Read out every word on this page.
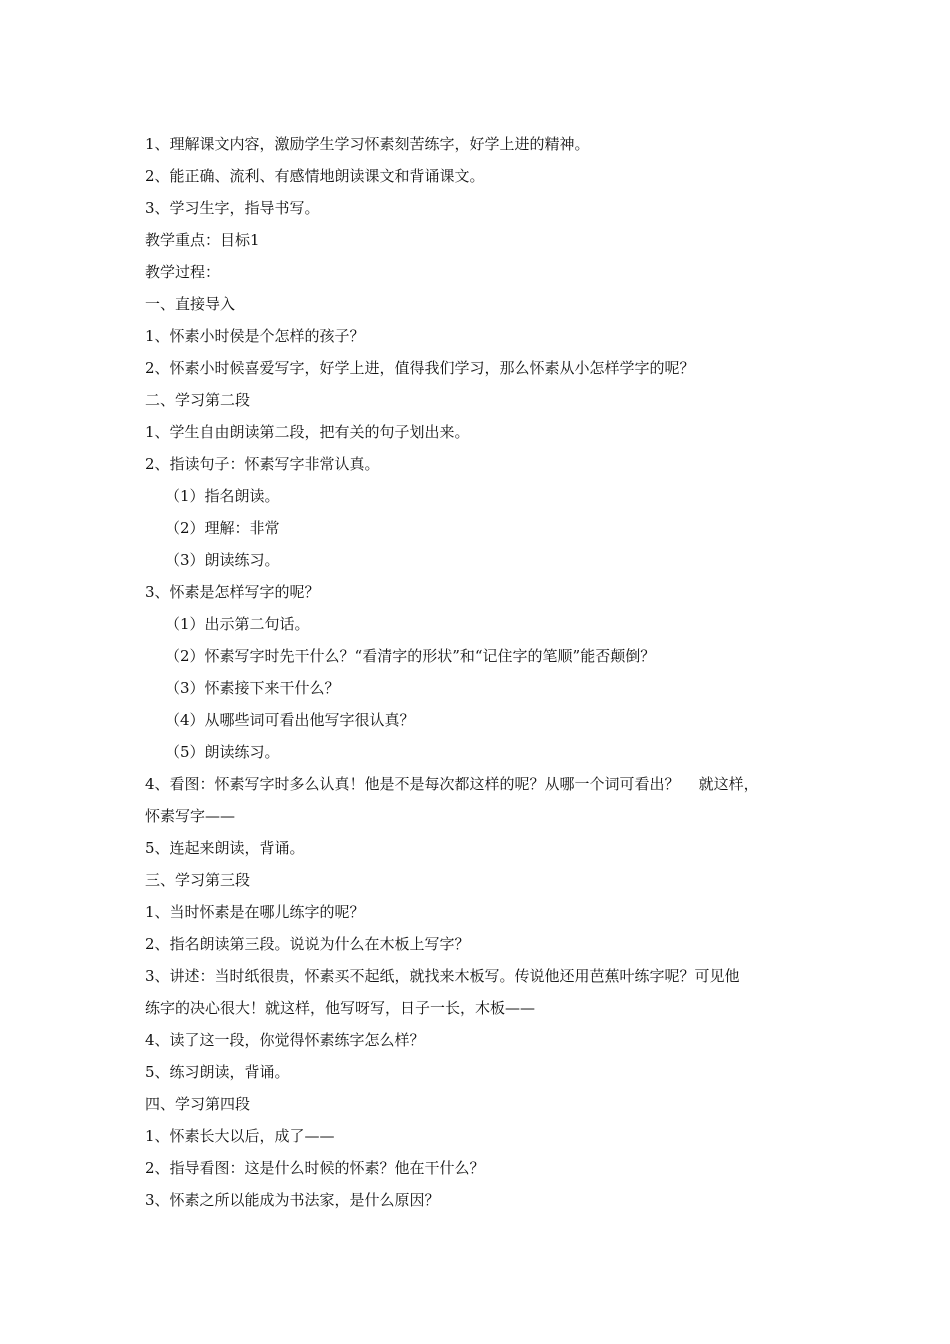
1、理解课文内容，激励学生学习怀素刻苦练字，好学上进的精神。
2、能正确、流利、有感情地朗读课文和背诵课文。
3、学习生字，指导书写。
教学重点：目标1
教学过程：
一、直接导入
1、怀素小时侯是个怎样的孩子？
2、怀素小时候喜爱写字，好学上进，值得我们学习，那么怀素从小怎样学字的呢？
二、学习第二段
1、学生自由朗读第二段，把有关的句子划出来。
2、指读句子：怀素写字非常认真。
（1）指名朗读。
（2）理解：非常
（3）朗读练习。
3、怀素是怎样写字的呢？
（1）出示第二句话。
（2）怀素写字时先干什么？“看清字的形状”和“记住字的笔顺”能否颠倒？
（3）怀素接下来干什么？
（4）从哪些词可看出他写字很认真？
（5）朗读练习。
4、看图：怀素写字时多么认真！他是不是每次都这样的呢？从哪一个词可看出？    就这样，
怀素写字——
5、连起来朗读，背诵。
三、学习第三段
1、当时怀素是在哪儿练字的呢？
2、指名朗读第三段。说说为什么在木板上写字？
3、讲述：当时纸很贵，怀素买不起纸，就找来木板写。传说他还用芭蕉叶练字呢？可见他
练字的决心很大！就这样，他写呀写，日子一长，木板——
4、读了这一段，你觉得怀素练字怎么样？
5、练习朗读，背诵。
四、学习第四段
1、怀素长大以后，成了——
2、指导看图：这是什么时候的怀素？他在干什么？
3、怀素之所以能成为书法家，是什么原因？
